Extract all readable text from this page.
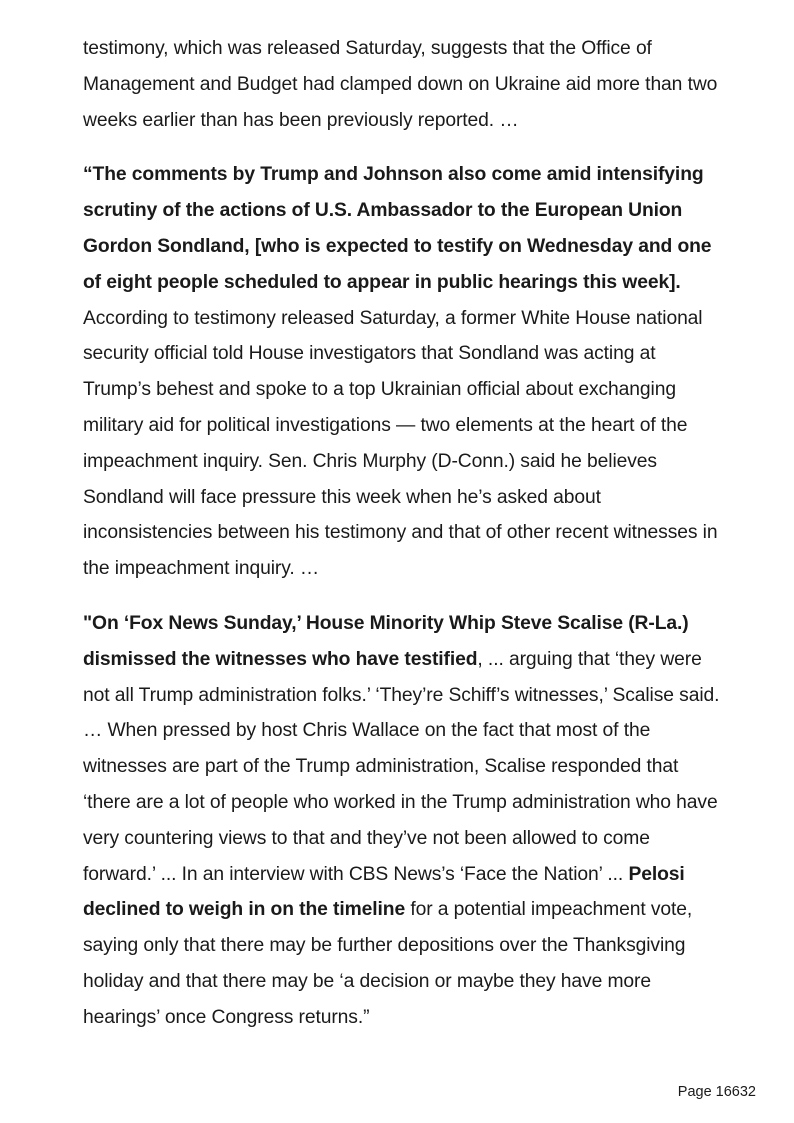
testimony, which was released Saturday, suggests that the Office of Management and Budget had clamped down on Ukraine aid more than two weeks earlier than has been previously reported. …

“The comments by Trump and Johnson also come amid intensifying scrutiny of the actions of U.S. Ambassador to the European Union Gordon Sondland, [who is expected to testify on Wednesday and one of eight people scheduled to appear in public hearings this week]. According to testimony released Saturday, a former White House national security official told House investigators that Sondland was acting at Trump’s behest and spoke to a top Ukrainian official about exchanging military aid for political investigations — two elements at the heart of the impeachment inquiry. Sen. Chris Murphy (D-Conn.) said he believes Sondland will face pressure this week when he’s asked about inconsistencies between his testimony and that of other recent witnesses in the impeachment inquiry. …

"On ‘Fox News Sunday,’ House Minority Whip Steve Scalise (R-La.) dismissed the witnesses who have testified, ... arguing that ‘they were not all Trump administration folks.’ ‘They’re Schiff’s witnesses,’ Scalise said. … When pressed by host Chris Wallace on the fact that most of the witnesses are part of the Trump administration, Scalise responded that ‘there are a lot of people who worked in the Trump administration who have very countering views to that and they’ve not been allowed to come forward.’ ... In an interview with CBS News’s ‘Face the Nation’ ... Pelosi declined to weigh in on the timeline for a potential impeachment vote, saying only that there may be further depositions over the Thanksgiving holiday and that there may be ‘a decision or maybe they have more hearings’ once Congress returns.”

Page 16632
